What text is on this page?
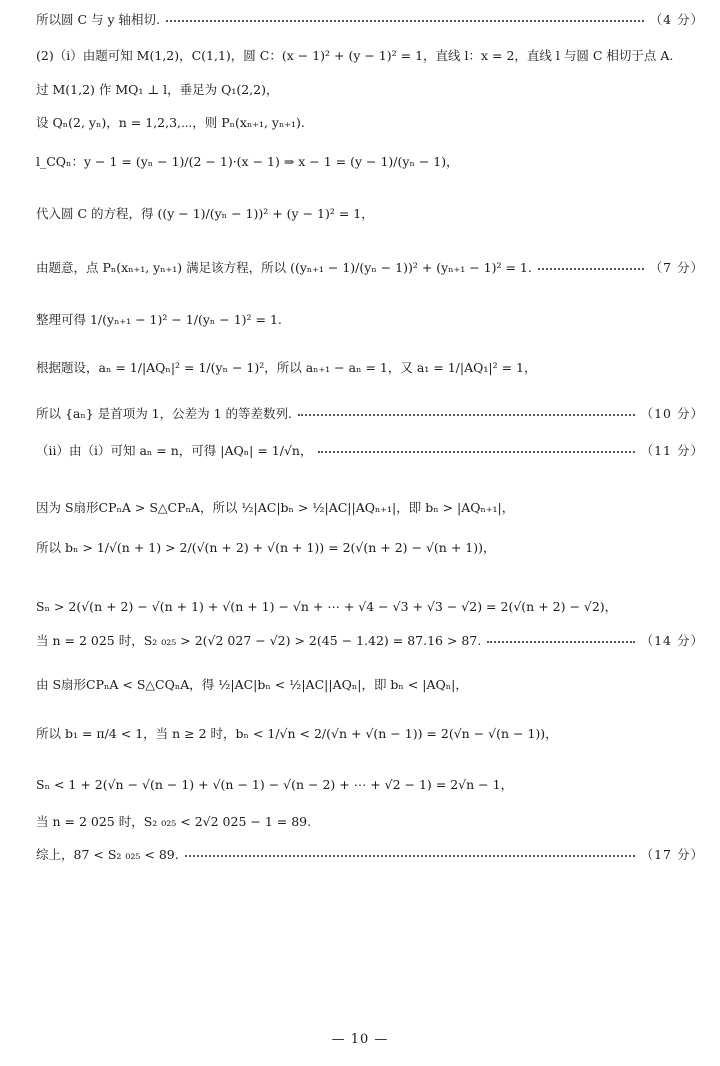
所以圆 C 与 y 轴相切.	（4 分）
(2)（ⅰ）由题可知 M(1,2)，C(1,1)，圆 C：(x − 1)² + (y − 1)² = 1，直线 l：x = 2，直线 l 与圆 C 相切于点 A.
过 M(1,2) 作 MQ₁ ⊥ l，垂足为 Q₁(2,2)，
设 Qₙ(2, yₙ)，n = 1,2,3,⋯，则 Pₙ(xₙ₊₁, yₙ₊₁).
l_CQₙ：y − 1 = (yₙ − 1)/(2 − 1)·(x − 1) ⇒ x − 1 = (y − 1)/(yₙ − 1)，
代入圆 C 的方程，得 ((y − 1)/(yₙ − 1))² + (y − 1)² = 1，
由题意，点 Pₙ(xₙ₊₁, yₙ₊₁) 满足该方程，所以 ((yₙ₊₁ − 1)/(yₙ − 1))² + (yₙ₊₁ − 1)² = 1.	（7 分）
整理可得 1/(yₙ₊₁ − 1)² − 1/(yₙ − 1)² = 1.
根据题设，aₙ = 1/|AQₙ|² = 1/(yₙ − 1)²，所以 aₙ₊₁ − aₙ = 1，又 a₁ = 1/|AQ₁|² = 1，
所以 {aₙ} 是首项为 1，公差为 1 的等差数列.	（10 分）
（ⅱ）由（ⅰ）可知 aₙ = n，可得 |AQₙ| = 1/√n，	（11 分）
因为 S扇形CPₙA > S△CPₙA，所以 ½|AC|bₙ > ½|AC||AQₙ₊₁|，即 bₙ > |AQₙ₊₁|，
所以 bₙ > 1/√(n + 1) > 2/(√(n + 2) + √(n + 1)) = 2(√(n + 2) − √(n + 1))，
Sₙ > 2(√(n + 2) − √(n + 1) + √(n + 1) − √n + ⋯ + √4 − √3 + √3 − √2) = 2(√(n + 2) − √2)，
当 n = 2 025 时，S₂ ₀₂₅ > 2(√2 027 − √2) > 2(45 − 1.42) = 87.16 > 87.	（14 分）
由 S扇形CPₙA < S△CQₙA，得 ½|AC|bₙ < ½|AC||AQₙ|，即 bₙ < |AQₙ|，
所以 b₁ = π/4 < 1，当 n ≥ 2 时，bₙ < 1/√n < 2/(√n + √(n − 1)) = 2(√n − √(n − 1))，
Sₙ < 1 + 2(√n − √(n − 1) + √(n − 1) − √(n − 2) + ⋯ + √2 − 1) = 2√n − 1，
当 n = 2 025 时，S₂ ₀₂₅ < 2√2 025 − 1 = 89.
综上，87 < S₂ ₀₂₅ < 89.	（17 分）
— 10 —
